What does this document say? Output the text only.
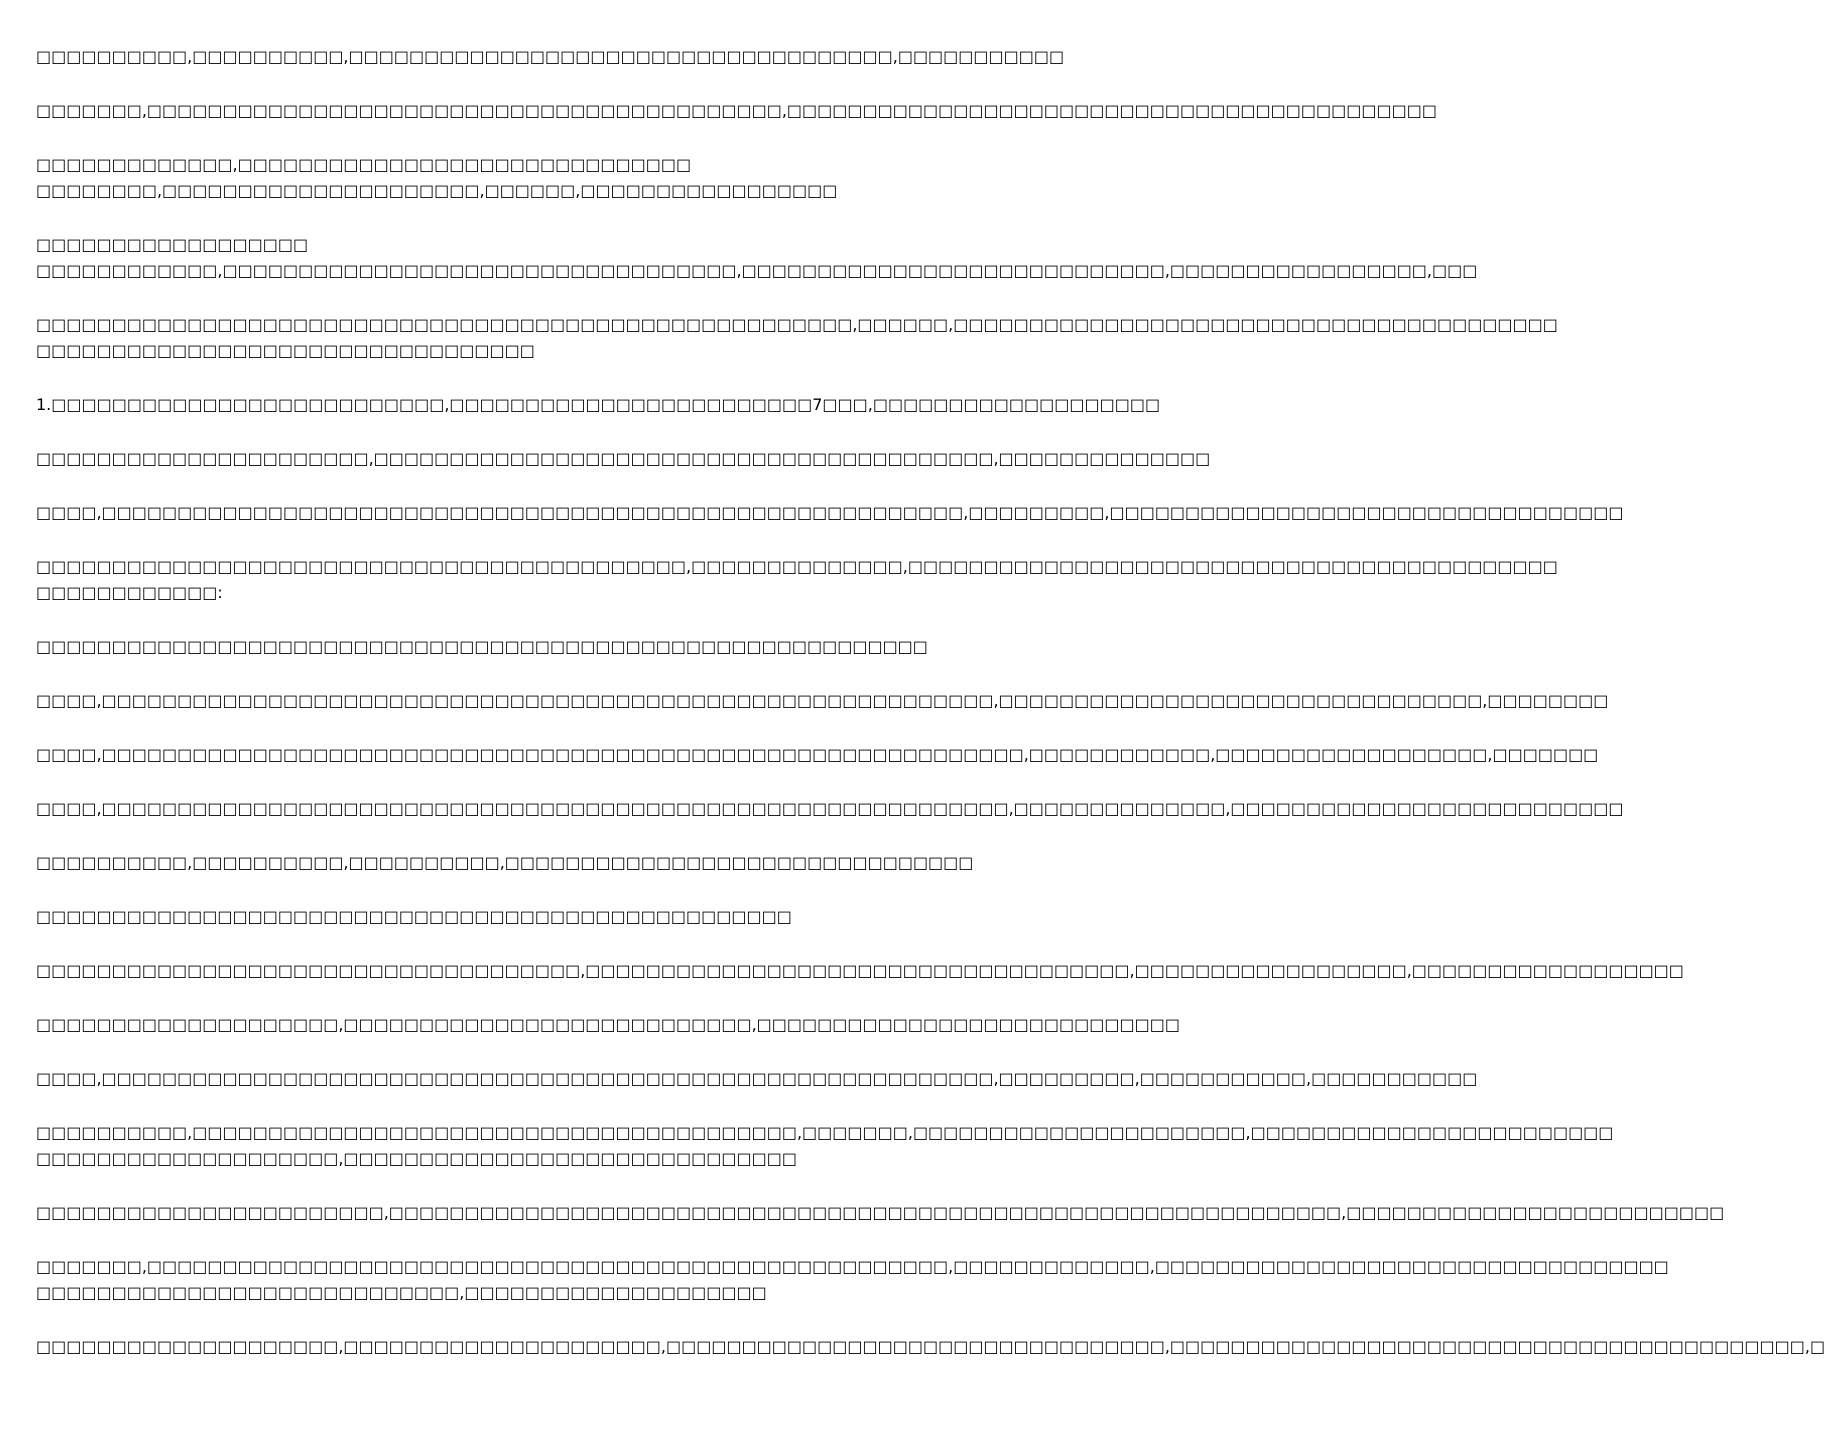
□□□□□□□□□□,□□□□□□□□□□,□□□□□□□□□□□□□□□□□□□□□□□□□□□□□□□□□□□□,□□□□□□□□□□□

□□□□□□□,□□□□□□□□□□□□□□□□□□□□□□□□□□□□□□□□□□□□□□□□□□,□□□□□□□□□□□□□□□□□□□□□□□□□□□□□□□□□□□□□□□□□□□

□□□□□□□□□□□□□,□□□□□□□□□□□□□□□□□□□□□□□□□□□□□□
□□□□□□□□,□□□□□□□□□□□□□□□□□□□□□,□□□□□□,□□□□□□□□□□□□□□□□□

□□□□□□□□□□□□□□□□□□
□□□□□□□□□□□□,□□□□□□□□□□□□□□□□□□□□□□□□□□□□□□□□□□,□□□□□□□□□□□□□□□□□□□□□□□□□□□□,□□□□□□□□□□□□□□□□□,□□□

□□□□□□□□□□□□□□□□□□□□□□□□□□□□□□□□□□□□□□□□□□□□□□□□□□□□□□,□□□□□□,□□□□□□□□□□□□□□□□□□□□□□□□□□□□□□□□□□□□□□□□
□□□□□□□□□□□□□□□□□□□□□□□□□□□□□□□□□

1.□□□□□□□□□□□□□□□□□□□□□□□□□□,□□□□□□□□□□□□□□□□□□□□□□□□7□□□,□□□□□□□□□□□□□□□□□□□

□□□□□□□□□□□□□□□□□□□□□□,□□□□□□□□□□□□□□□□□□□□□□□□□□□□□□□□□□□□□□□□□,□□□□□□□□□□□□□□

□□□□,□□□□□□□□□□□□□□□□□□□□□□□□□□□□□□□□□□□□□□□□□□□□□□□□□□□□□□□□□,□□□□□□□□□,□□□□□□□□□□□□□□□□□□□□□□□□□□□□□□□□□□

□□□□□□□□□□□□□□□□□□□□□□□□□□□□□□□□□□□□□□□□□□□,□□□□□□□□□□□□□□,□□□□□□□□□□□□□□□□□□□□□□□□□□□□□□□□□□□□□□□□□□□
□□□□□□□□□□□□:

□□□□□□□□□□□□□□□□□□□□□□□□□□□□□□□□□□□□□□□□□□□□□□□□□□□□□□□□□□□

□□□□,□□□□□□□□□□□□□□□□□□□□□□□□□□□□□□□□□□□□□□□□□□□□□□□□□□□□□□□□□□□,□□□□□□□□□□□□□□□□□□□□□□□□□□□□□□□□,□□□□□□□□

□□□□,□□□□□□□□□□□□□□□□□□□□□□□□□□□□□□□□□□□□□□□□□□□□□□□□□□□□□□□□□□□□□,□□□□□□□□□□□□,□□□□□□□□□□□□□□□□□□,□□□□□□□

□□□□,□□□□□□□□□□□□□□□□□□□□□□□□□□□□□□□□□□□□□□□□□□□□□□□□□□□□□□□□□□□□,□□□□□□□□□□□□□□,□□□□□□□□□□□□□□□□□□□□□□□□□□

□□□□□□□□□□,□□□□□□□□□□,□□□□□□□□□□,□□□□□□□□□□□□□□□□□□□□□□□□□□□□□□□

□□□□□□□□□□□□□□□□□□□□□□□□□□□□□□□□□□□□□□□□□□□□□□□□□□

□□□□□□□□□□□□□□□□□□□□□□□□□□□□□□□□□□□□,□□□□□□□□□□□□□□□□□□□□□□□□□□□□□□□□□□□□,□□□□□□□□□□□□□□□□□□,□□□□□□□□□□□□□□□□□□

□□□□□□□□□□□□□□□□□□□□,□□□□□□□□□□□□□□□□□□□□□□□□□□□,□□□□□□□□□□□□□□□□□□□□□□□□□□□□

□□□□,□□□□□□□□□□□□□□□□□□□□□□□□□□□□□□□□□□□□□□□□□□□□□□□□□□□□□□□□□□□,□□□□□□□□□,□□□□□□□□□□□,□□□□□□□□□□□

□□□□□□□□□□,□□□□□□□□□□□□□□□□□□□□□□□□□□□□□□□□□□□□□□□□,□□□□□□□,□□□□□□□□□□□□□□□□□□□□□□,□□□□□□□□□□□□□□□□□□□□□□□□
□□□□□□□□□□□□□□□□□□□□,□□□□□□□□□□□□□□□□□□□□□□□□□□□□□□

□□□□□□□□□□□□□□□□□□□□□□□,□□□□□□□□□□□□□□□□□□□□□□□□□□□□□□□□□□□□□□□□□□□□□□□□□□□□□□□□□□□□□□□,□□□□□□□□□□□□□□□□□□□□□□□□□

□□□□□□□,□□□□□□□□□□□□□□□□□□□□□□□□□□□□□□□□□□□□□□□□□□□□□□□□□□□□□,□□□□□□□□□□□□□,□□□□□□□□□□□□□□□□□□□□□□□□□□□□□□□□□□
□□□□□□□□□□□□□□□□□□□□□□□□□□□□,□□□□□□□□□□□□□□□□□□□□

□□□□□□□□□□□□□□□□□□□□,□□□□□□□□□□□□□□□□□□□□□,□□□□□□□□□□□□□□□□□□□□□□□□□□□□□□□□□,□□□□□□□□□□□□□□□□□□□□□□□□□□□□□□□□□□□□□□□□□□,□
